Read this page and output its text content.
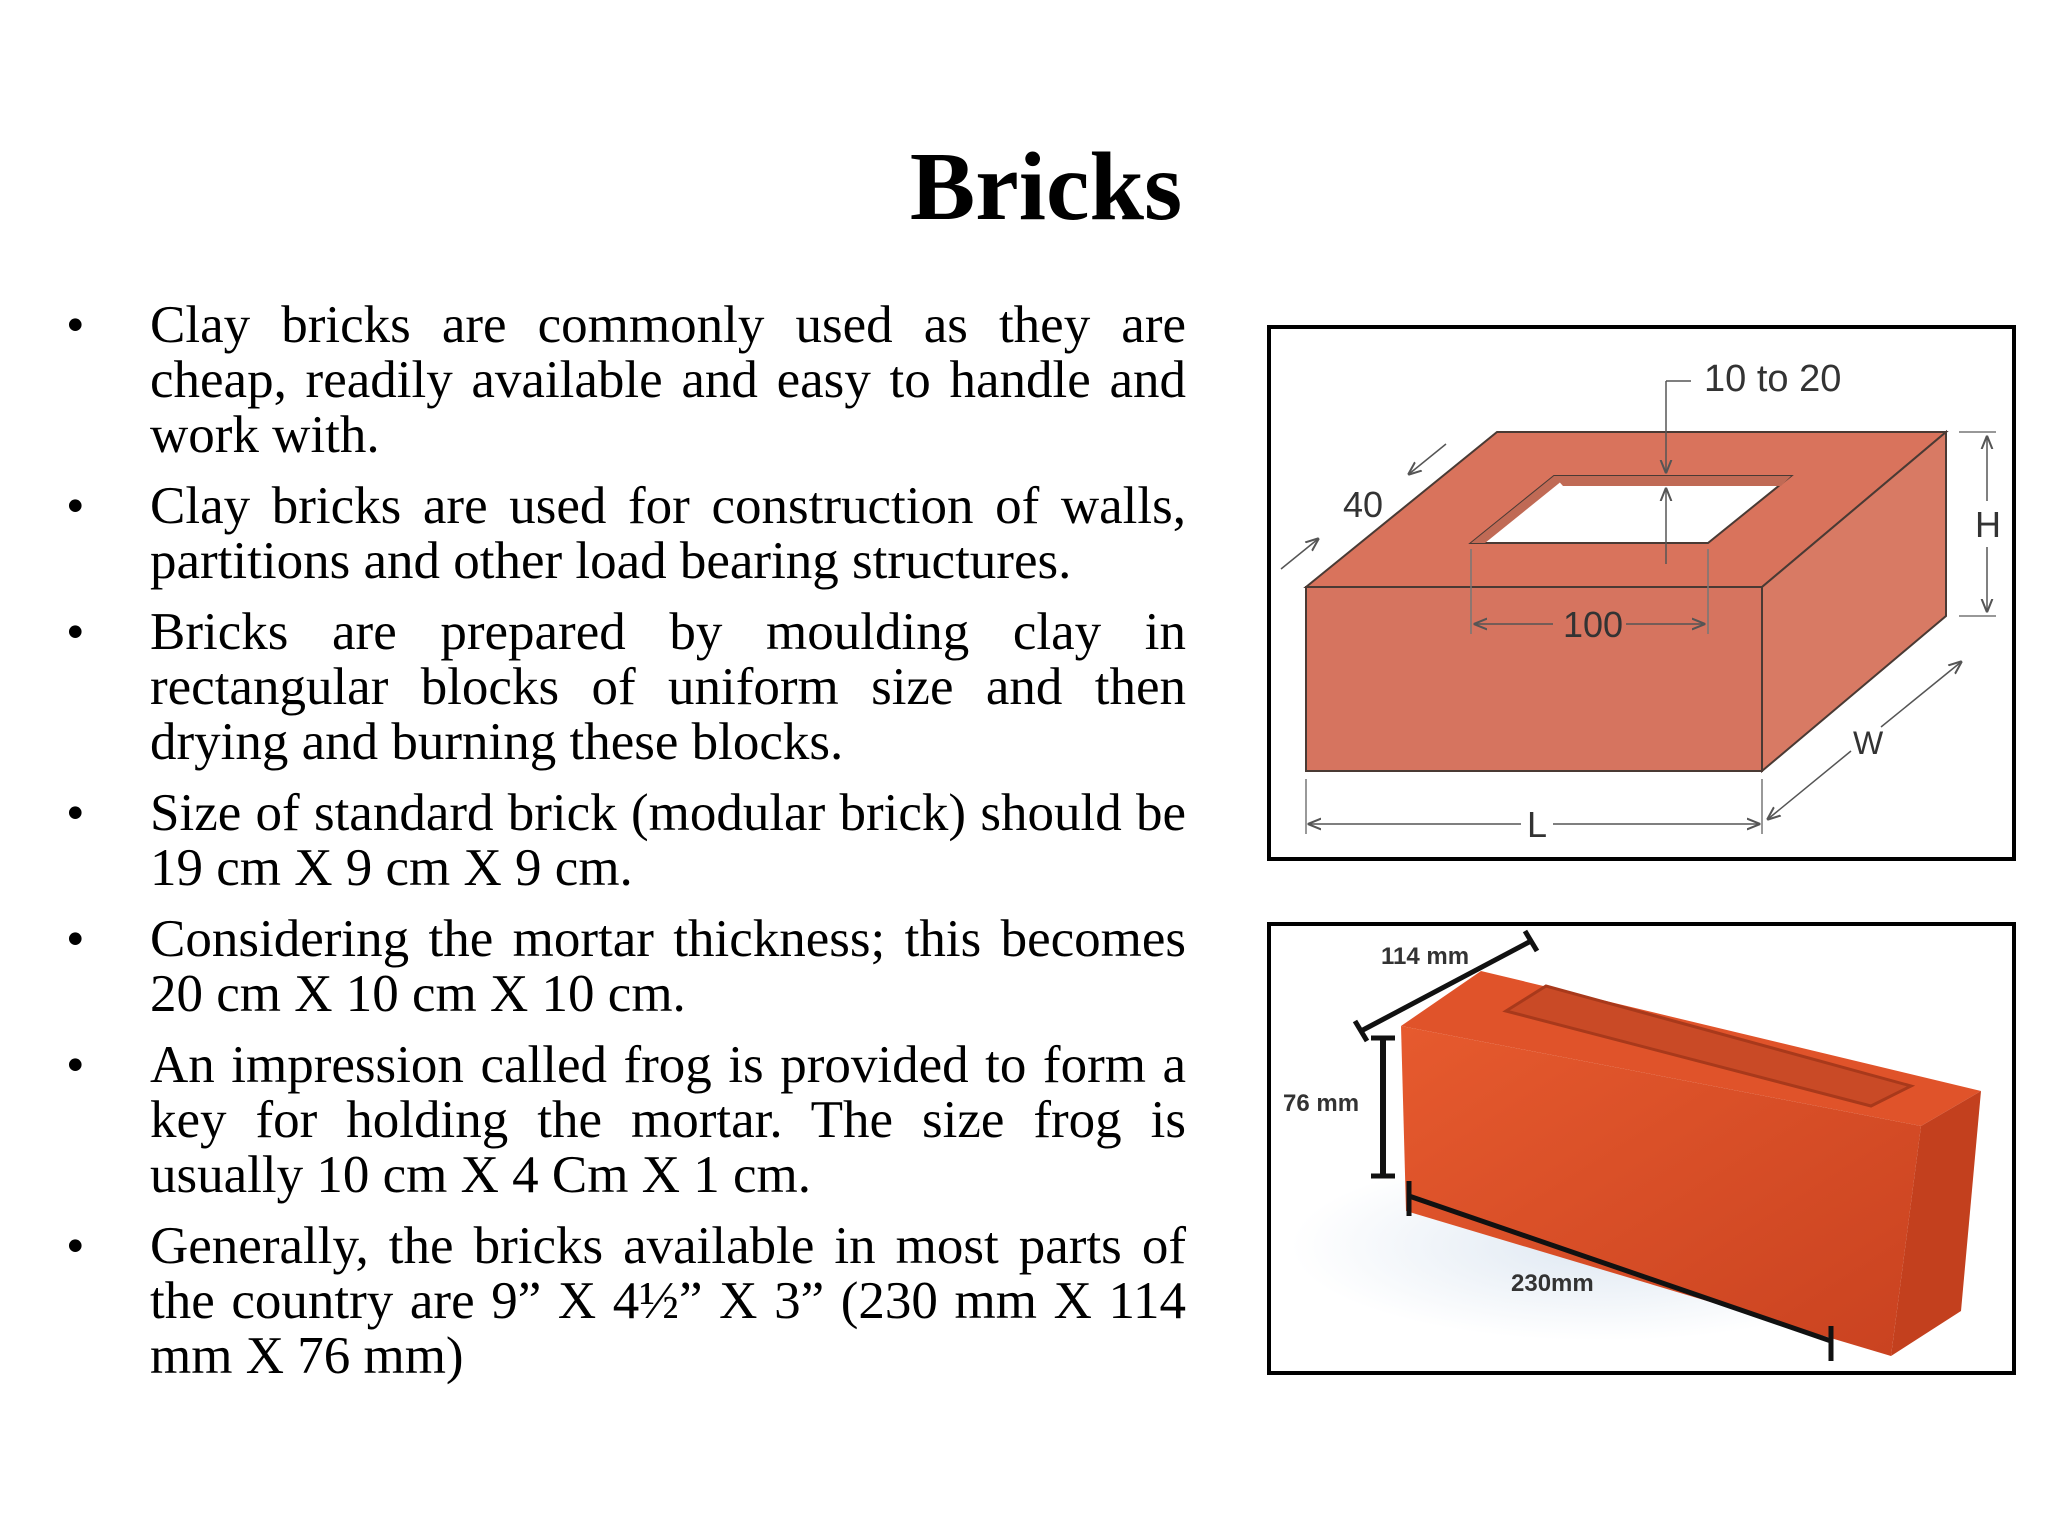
Bricks
•	Clay bricks are commonly used as they are cheap, readily available and easy to handle and work with.
•	Clay bricks are used for construction of walls, partitions and other load bearing structures.
•	Bricks are prepared by moulding clay in rectangular blocks of uniform size and then drying and burning these blocks.
•	Size of standard brick (modular brick) should be 19 cm X 9 cm X 9 cm.
•	Considering the mortar thickness; this becomes 20 cm X 10 cm X 10 cm.
•	An impression called frog is provided to form a key for holding the mortar. The size frog is usually 10 cm X 4 Cm X 1 cm.
•	Generally, the bricks available in most parts of the country are 9” X 4½” X 3” (230 mm X 114 mm X 76 mm)
10 to 20
40
100
H
W
L
114 mm
76 mm
230mm
